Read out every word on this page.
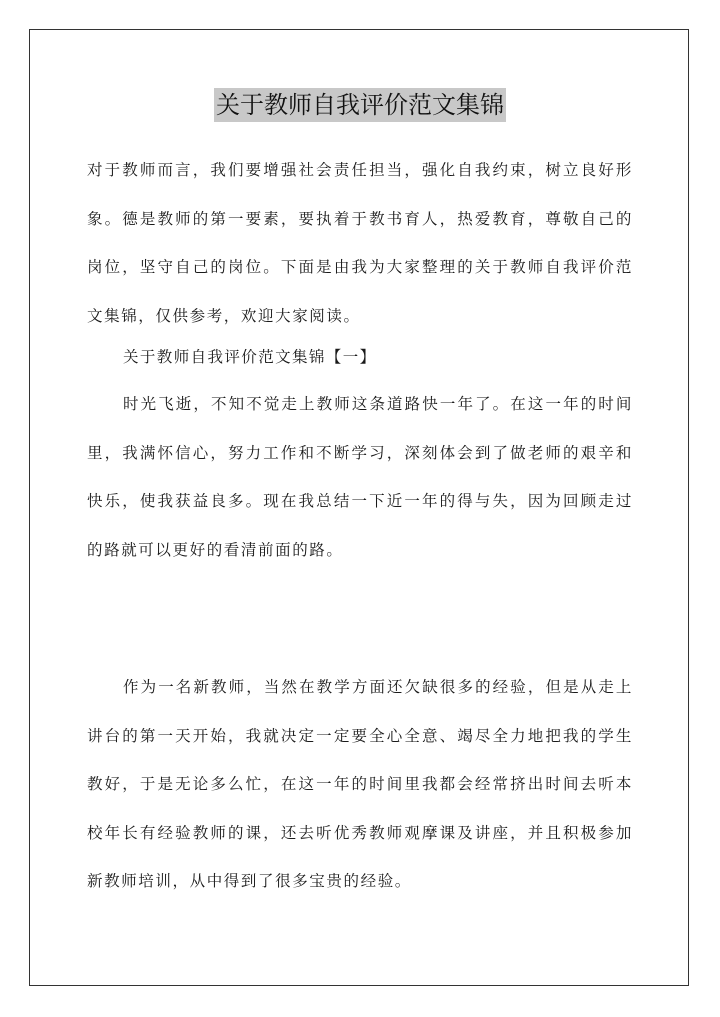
关于教师自我评价范文集锦

对于教师而言，我们要增强社会责任担当，强化自我约束，树立良好形象。德是教师的第一要素，要执着于教书育人，热爱教育，尊敬自己的岗位，坚守自己的岗位。下面是由我为大家整理的关于教师自我评价范文集锦，仅供参考，欢迎大家阅读。

关于教师自我评价范文集锦【一】

时光飞逝，不知不觉走上教师这条道路快一年了。在这一年的时间里，我满怀信心，努力工作和不断学习，深刻体会到了做老师的艰辛和快乐，使我获益良多。现在我总结一下近一年的得与失，因为回顾走过的路就可以更好的看清前面的路。

作为一名新教师，当然在教学方面还欠缺很多的经验，但是从走上讲台的第一天开始，我就决定一定要全心全意、竭尽全力地把我的学生教好，于是无论多么忙，在这一年的时间里我都会经常挤出时间去听本校年长有经验教师的课，还去听优秀教师观摩课及讲座，并且积极参加新教师培训，从中得到了很多宝贵的经验。
